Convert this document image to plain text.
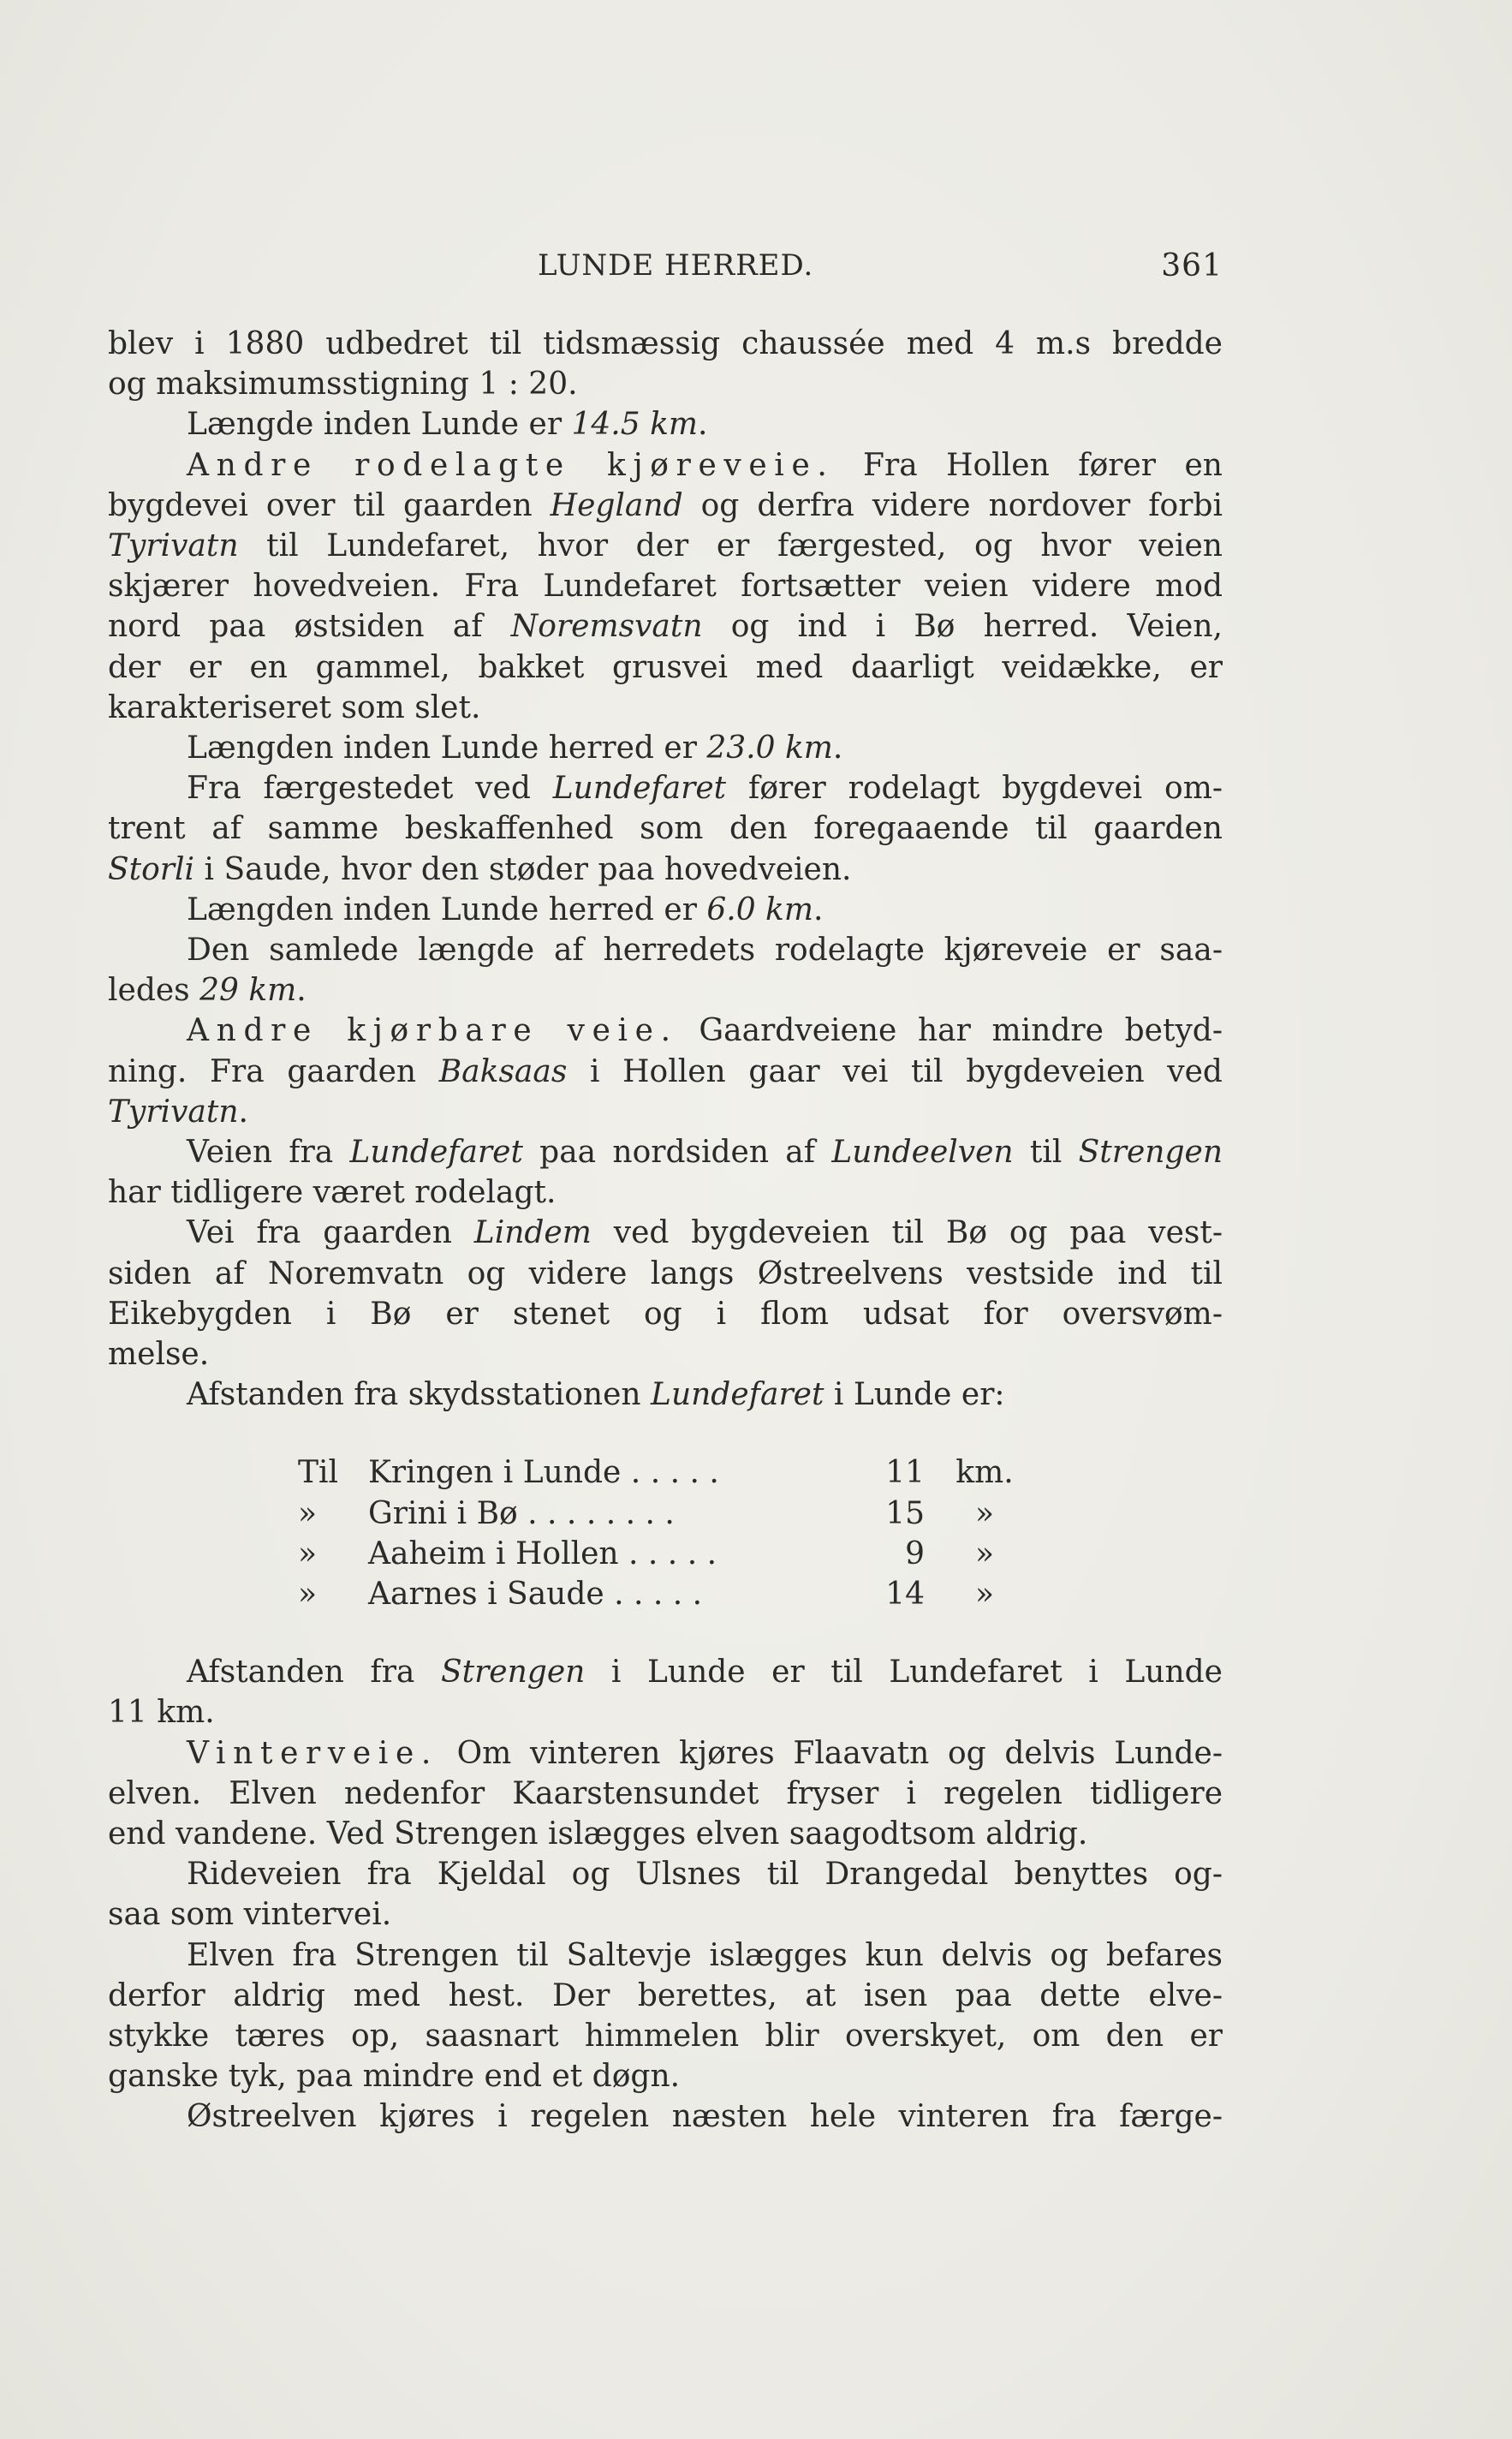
LUNDE HERRED.	361

blev i 1880 udbedret til tidsmæssig chaussée med 4 m.s bredde

og maksimumsstigning 1 : 20.

Længde inden Lunde er 14.5 km.

Andre rodelagte kjøreveie. Fra Hollen fører en

bygdevei over til gaarden Hegland og derfra videre nordover forbi

Tyrivatn til Lundefaret, hvor der er færgested, og hvor veien

skjærer hovedveien. Fra Lundefaret fortsætter veien videre mod

nord paa østsiden af Noremsvatn og ind i Bø herred. Veien,

der er en gammel, bakket grusvei med daarligt veidække, er

karakteriseret som slet.

Længden inden Lunde herred er 23.0 km.

Fra færgestedet ved Lundefaret fører rodelagt bygdevei om-

trent af samme beskaffenhed som den foregaaende til gaarden

Storli i Saude, hvor den støder paa hovedveien.

Længden inden Lunde herred er 6.0 km.

Den samlede længde af herredets rodelagte kjøreveie er saa-

ledes 29 km.

Andre kjørbare veie. Gaardveiene har mindre betyd-

ning. Fra gaarden Baksaas i Hollen gaar vei til bygdeveien ved

Tyrivatn.

Veien fra Lundefaret paa nordsiden af Lundeelven til Strengen

har tidligere været rodelagt.

Vei fra gaarden Lindem ved bygdeveien til Bø og paa vest-

siden af Noremvatn og videre langs Østreelvens vestside ind til

Eikebygden i Bø er stenet og i flom udsat for oversvøm-

melse.

Afstanden fra skydsstationen Lundefaret i Lunde er:

Til Kringen i Lunde . . . . .	11	km.
»	Grini i Bø . . . . . . . .	15	»
»	Aaheim i Hollen . . . . .	9	»
»	Aarnes i Saude . . . . .	14	»

Afstanden fra Strengen i Lunde er til Lundefaret i Lunde

11 km.

Vinterveie. Om vinteren kjøres Flaavatn og delvis Lunde-

elven. Elven nedenfor Kaarstensundet fryser i regelen tidligere

end vandene. Ved Strengen islægges elven saagodtsom aldrig.

Rideveien fra Kjeldal og Ulsnes til Drangedal benyttes og-

saa som vintervei.

Elven fra Strengen til Saltevje islægges kun delvis og befares

derfor aldrig med hest. Der berettes, at isen paa dette elve-

stykke tæres op, saasnart himmelen blir overskyet, om den er

ganske tyk, paa mindre end et døgn.

Østreelven kjøres i regelen næsten hele vinteren fra færge-
